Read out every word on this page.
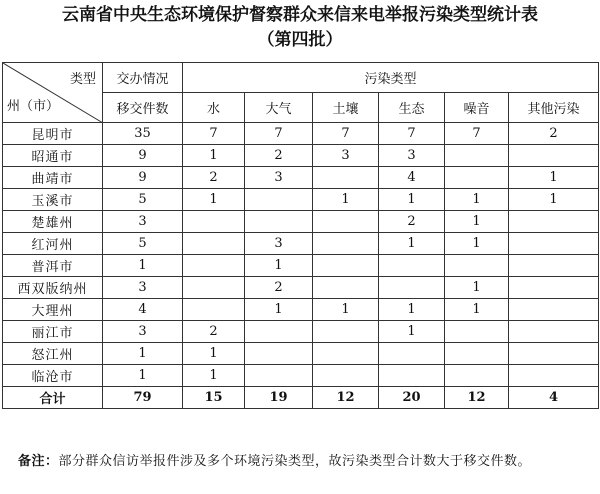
云南省中央生态环境保护督察群众来信来电举报污染类型统计表
（第四批）
类型
州（市）	交办情况	污染类型					
	移交件数	水	大气	土壤	生态	噪音	其他污染
昆明市	35	7	7	7	7	7	2
昭通市	9	1	2	3	3		
曲靖市	9	2	3		4		1
玉溪市	5	1		1	1	1	1
楚雄州	3				2	1	
红河州	5		3		1	1	
普洱市	1		1				
西双版纳州	3		2			1	
大理州	4		1	1	1	1	
丽江市	3	2			1		
怒江州	1	1					
临沧市	1	1					
合计	79	15	19	12	20	12	4
备注：部分群众信访举报件涉及多个环境污染类型，故污染类型合计数大于移交件数。
